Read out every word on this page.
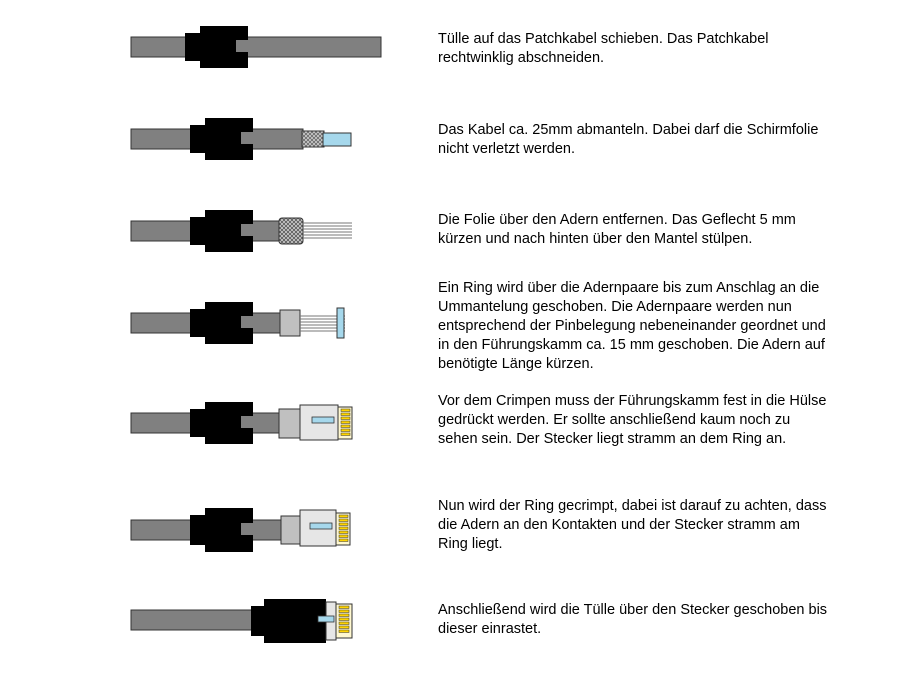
Tülle auf das Patchkabel schieben. Das Patchkabel
rechtwinklig abschneiden.

Das Kabel ca. 25mm abmanteln. Dabei darf die Schirmfolie
nicht verletzt werden.

Die Folie über den Adern entfernen. Das Geflecht 5 mm
kürzen und nach hinten über den Mantel stülpen.

Ein Ring wird über die Adernpaare bis zum Anschlag an die
Ummantelung geschoben. Die Adernpaare werden nun
entsprechend der Pinbelegung nebeneinander geordnet und
in den Führungskamm ca. 15 mm geschoben. Die Adern auf
benötigte Länge kürzen.

Vor dem Crimpen muss der Führungskamm fest in die Hülse
gedrückt werden. Er sollte anschließend kaum noch zu
sehen sein. Der Stecker liegt stramm an dem Ring an.

Nun wird der Ring gecrimpt, dabei ist darauf zu achten, dass
die Adern an den Kontakten und der Stecker stramm am
Ring liegt.

Anschließend wird die Tülle über den Stecker geschoben bis
dieser einrastet.
